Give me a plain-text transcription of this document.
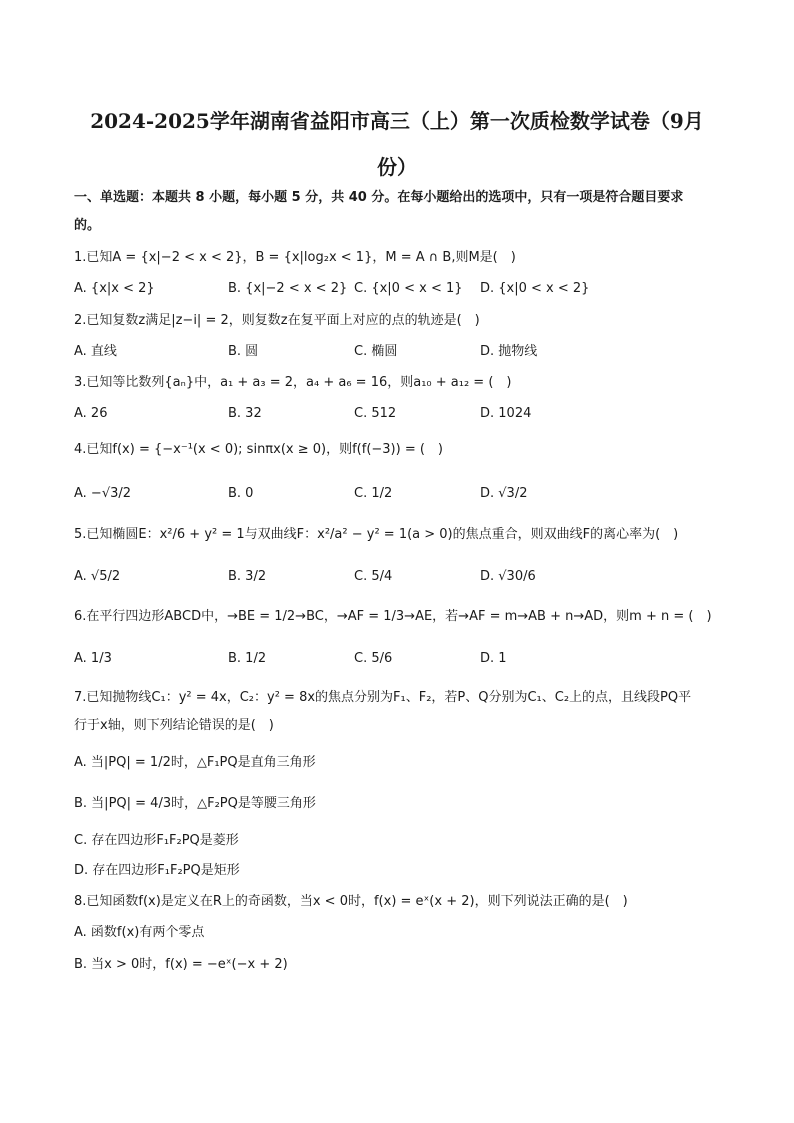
2024-2025学年湖南省益阳市高三（上）第一次质检数学试卷（9月
份）
一、单选题：本题共 8 小题，每小题 5 分，共 40 分。在每小题给出的选项中，只有一项是符合题目要求
的。
1.已知A = {x|−2 < x < 2}，B = {x|log₂x < 1}，M = A ∩ B,则M是(　)
A. {x|x < 2}	B. {x|−2 < x < 2} C. {x|0 < x < 1} D. {x|0 < x < 2}
2.已知复数z满足|z−i| = 2，则复数z在复平面上对应的点的轨迹是(　)
A. 直线	B. 圆	C. 椭圆	D. 抛物线
3.已知等比数列{aₙ}中，a₁ + a₃ = 2，a₄ + a₆ = 16，则a₁₀ + a₁₂ = (　)
A. 26	B. 32	C. 512	D. 1024
4.已知f(x) = {−x⁻¹(x < 0); sinπx(x ≥ 0)，则f(f(−3)) = (　)
A. −√3/2	B. 0	C. 1/2	D. √3/2
5.已知椭圆E：x²/6 + y² = 1与双曲线F：x²/a² − y² = 1(a > 0)的焦点重合，则双曲线F的离心率为(　)
A. √5/2	B. 3/2	C. 5/4	D. √30/6
6.在平行四边形ABCD中，→BE = 1/2→BC，→AF = 1/3→AE，若→AF = m→AB + n→AD，则m + n = (　)
A. 1/3	B. 1/2	C. 5/6	D. 1
7.已知抛物线C₁：y² = 4x，C₂：y² = 8x的焦点分别为F₁、F₂，若P、Q分别为C₁、C₂上的点，且线段PQ平
行于x轴，则下列结论错误的是(　)
A. 当|PQ| = 1/2时，△F₁PQ是直角三角形
B. 当|PQ| = 4/3时，△F₂PQ是等腰三角形
C. 存在四边形F₁F₂PQ是菱形
D. 存在四边形F₁F₂PQ是矩形
8.已知函数f(x)是定义在R上的奇函数，当x < 0时，f(x) = eˣ(x + 2)，则下列说法正确的是(　)
A. 函数f(x)有两个零点
B. 当x > 0时，f(x) = −eˣ(−x + 2)
